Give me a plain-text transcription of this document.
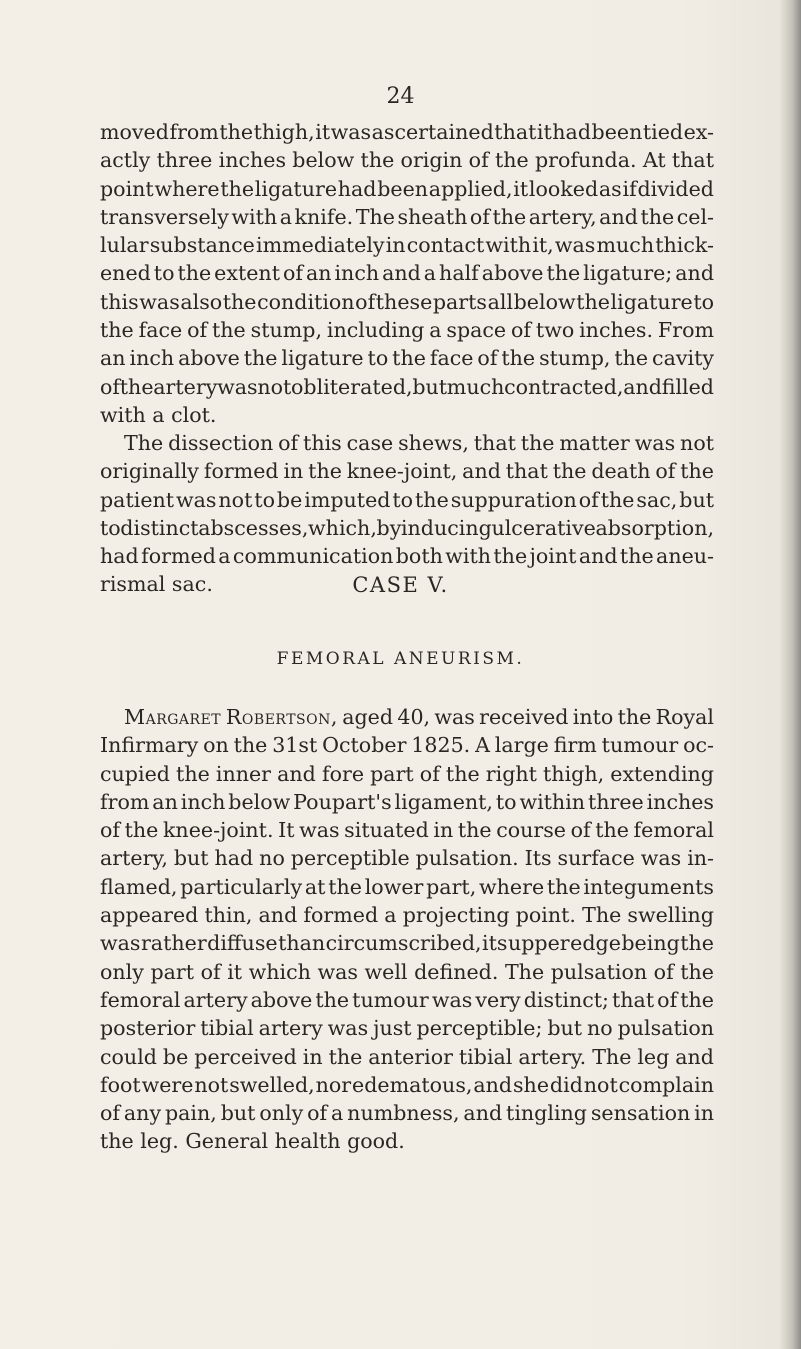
24
moved from the thigh, it was ascertained that it had been tied ex-
actly three inches below the origin of the profunda. At that
point where the ligature had been applied, it looked as if divided
transversely with a knife. The sheath of the artery, and the cel-
lular substance immediately in contact with it, was much thick-
ened to the extent of an inch and a half above the ligature; and
this was also the condition of these parts all below the ligature to
the face of the stump, including a space of two inches. From
an inch above the ligature to the face of the stump, the cavity
of the artery was not obliterated, but much contracted, and filled
with a clot.
The dissection of this case shews, that the matter was not
originally formed in the knee-joint, and that the death of the
patient was not to be imputed to the suppuration of the sac, but
to distinct abscesses, which, by inducing ulcerative absorption,
had formed a communication both with the joint and the aneu-
rismal sac.	CASE V.
FEMORAL ANEURISM.
Margaret Robertson, aged 40, was received into the Royal
Infirmary on the 31st October 1825. A large firm tumour oc-
cupied the inner and fore part of the right thigh, extending
from an inch below Poupart's ligament, to within three inches
of the knee-joint. It was situated in the course of the femoral
artery, but had no perceptible pulsation. Its surface was in-
flamed, particularly at the lower part, where the integuments
appeared thin, and formed a projecting point. The swelling
was rather diffuse than circumscribed, its upper edge being the
only part of it which was well defined. The pulsation of the
femoral artery above the tumour was very distinct; that of the
posterior tibial artery was just perceptible; but no pulsation
could be perceived in the anterior tibial artery. The leg and
foot were not swelled, nor edematous, and she did not complain
of any pain, but only of a numbness, and tingling sensation in
the leg. General health good.
